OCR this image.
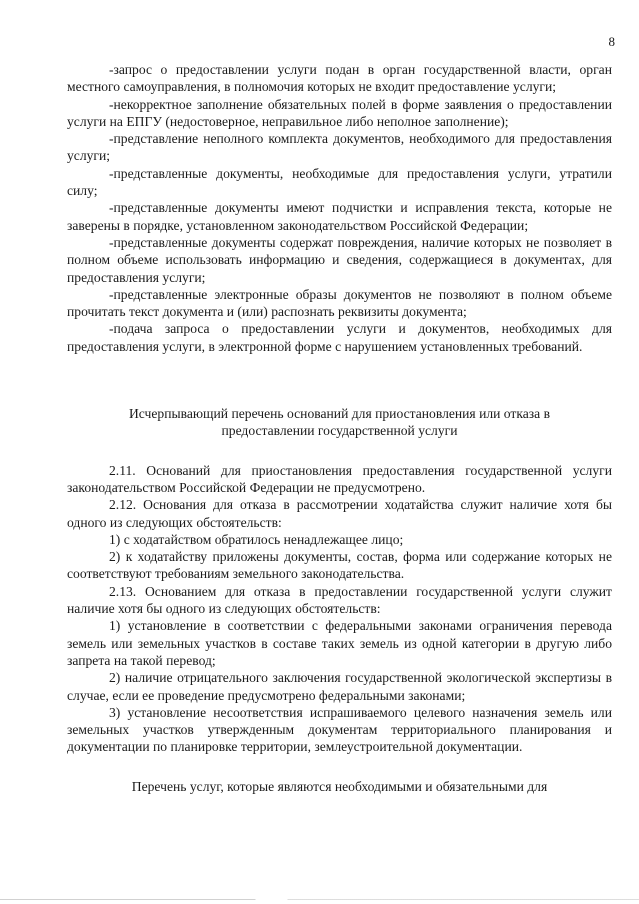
8

-запрос о предоставлении услуги подан в орган государственной власти, орган местного самоуправления, в полномочия которых не входит предоставление услуги;

-некорректное заполнение обязательных полей в форме заявления о предоставлении услуги на ЕПГУ (недостоверное, неправильное либо неполное заполнение);

-представление неполного комплекта документов, необходимого для предоставления услуги;

-представленные документы, необходимые для предоставления услуги, утратили силу;

-представленные документы имеют подчистки и исправления текста, которые не заверены в порядке, установленном законодательством Российской Федерации;

-представленные документы содержат повреждения, наличие которых не позволяет в полном объеме использовать информацию и сведения, содержащиеся в документах, для предоставления услуги;

-представленные электронные образы документов не позволяют в полном объеме прочитать текст документа и (или) распознать реквизиты документа;

-подача запроса о предоставлении услуги и документов, необходимых для предоставления услуги, в электронной форме с нарушением установленных требований.

Исчерпывающий перечень оснований для приостановления или отказа в предоставлении государственной услуги

2.11. Оснований для приостановления предоставления государственной услуги законодательством Российской Федерации не предусмотрено.

2.12. Основания для отказа в рассмотрении ходатайства служит наличие хотя бы одного из следующих обстоятельств:

1) с ходатайством обратилось ненадлежащее лицо;

2) к ходатайству приложены документы, состав, форма или содержание которых не соответствуют требованиям земельного законодательства.

2.13. Основанием для отказа в предоставлении государственной услуги служит наличие хотя бы одного из следующих обстоятельств:

1) установление в соответствии с федеральными законами ограничения перевода земель или земельных участков в составе таких земель из одной категории в другую либо запрета на такой перевод;

2) наличие отрицательного заключения государственной экологической экспертизы в случае, если ее проведение предусмотрено федеральными законами;

3) установление несоответствия испрашиваемого целевого назначения земель или земельных участков утвержденным документам территориального планирования и документации по планировке территории, землеустроительной документации.

Перечень услуг, которые являются необходимыми и обязательными для
